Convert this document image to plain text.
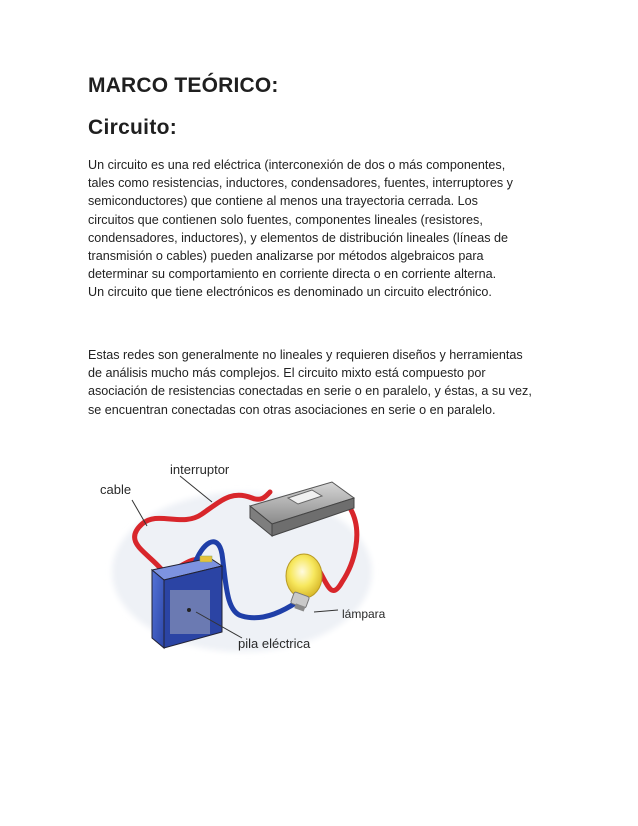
MARCO TEÓRICO:
Circuito:

Un circuito es una red eléctrica (interconexión de dos o más componentes,
tales como resistencias, inductores, condensadores, fuentes, interruptores y
semiconductores) que contiene al menos una trayectoria cerrada. Los
circuitos que contienen solo fuentes, componentes lineales (resistores,
condensadores, inductores), y elementos de distribución lineales (líneas de
transmisión o cables) pueden analizarse por métodos algebraicos para
determinar su comportamiento en corriente directa o en corriente alterna.
Un circuito que tiene electrónicos es denominado un circuito electrónico.

Estas redes son generalmente no lineales y requieren diseños y herramientas
de análisis mucho más complejos. El circuito mixto está compuesto por
asociación de resistencias conectadas en serie o en paralelo, y éstas, a su vez,
se encuentran conectadas con otras asociaciones en serie o en paralelo.

cable
interruptor
lámpara
pila eléctrica
